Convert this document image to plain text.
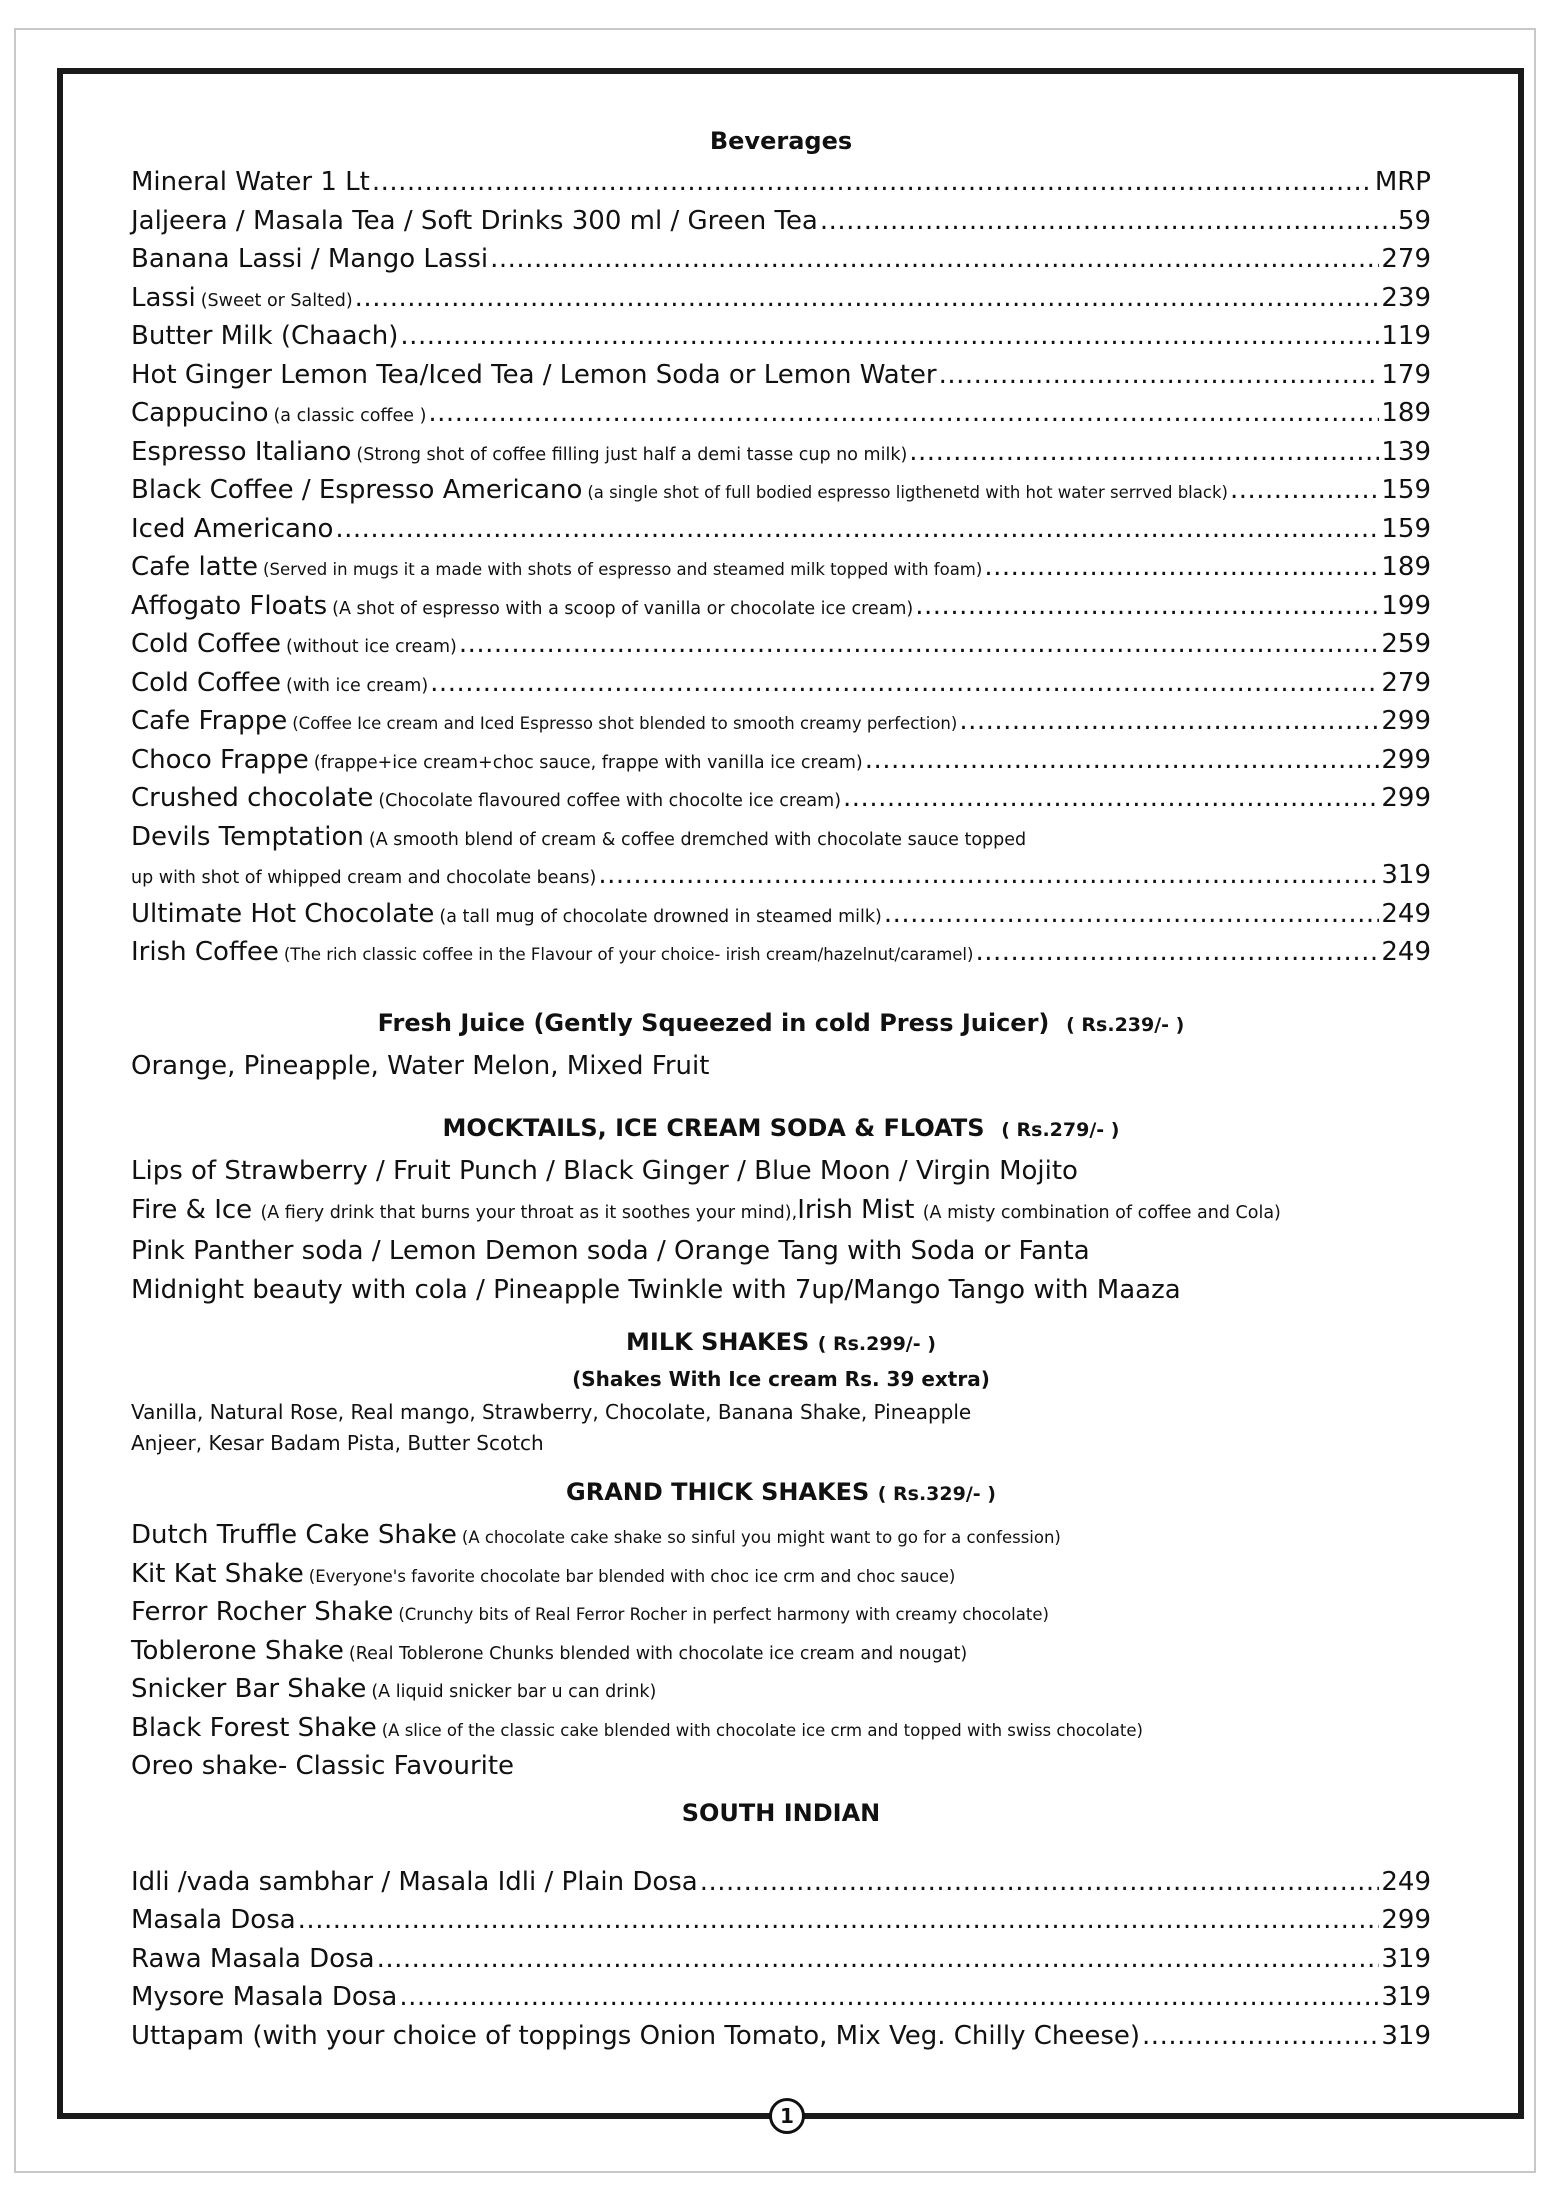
Beverages
Mineral Water 1 Lt .....	MRP
Jaljeera / Masala Tea / Soft Drinks 300 ml / Green Tea .....	59
Banana Lassi / Mango Lassi .....	279
Lassi (Sweet or Salted) .....	239
Butter Milk (Chaach) .....	119
Hot Ginger Lemon Tea/Iced Tea / Lemon Soda or Lemon Water .....	179
Cappucino (a classic coffee ) .....	189
Espresso Italiano (Strong shot of coffee filling just half a demi tasse cup no milk) .....	139
Black Coffee / Espresso Americano (a single shot of full bodied espresso ligthenetd with hot water serrved black) .....	159
Iced Americano .....	159
Cafe latte (Served in mugs it a made with shots of espresso and steamed milk topped with foam) .....	189
Affogato Floats (A shot of espresso with a scoop of vanilla or chocolate ice cream) .....	199
Cold Coffee (without ice cream) .....	259
Cold Coffee (with ice cream) .....	279
Cafe Frappe (Coffee Ice cream and Iced Espresso shot blended to smooth creamy perfection) .....	299
Choco Frappe (frappe+ice cream+choc sauce, frappe with vanilla ice cream) .....	299
Crushed chocolate (Chocolate flavoured coffee with chocolte ice cream) .....	299
Devils Temptation (A smooth blend of cream & coffee dremched with chocolate sauce topped
up with shot of whipped cream and chocolate beans) .....	319
Ultimate Hot Chocolate (a tall mug of chocolate drowned in steamed milk) .....	249
Irish Coffee (The rich classic coffee in the Flavour of your choice- irish cream/hazelnut/caramel) .....	249
Fresh Juice (Gently Squeezed in cold Press Juicer) ( Rs.239/- )
Orange, Pineapple, Water Melon, Mixed Fruit
MOCKTAILS, ICE CREAM SODA & FLOATS ( Rs.279/- )
Lips of Strawberry / Fruit Punch / Black Ginger / Blue Moon / Virgin Mojito
Fire & Ice (A fiery drink that burns your throat as it soothes your mind),Irish Mist (A misty combination of coffee and Cola)
Pink Panther soda / Lemon Demon soda / Orange Tang with Soda or Fanta
Midnight beauty with cola / Pineapple Twinkle with 7up/Mango Tango with Maaza
MILK SHAKES ( Rs.299/- )
(Shakes With Ice cream Rs. 39 extra)
Vanilla, Natural Rose, Real mango, Strawberry, Chocolate, Banana Shake, Pineapple
Anjeer, Kesar Badam Pista, Butter Scotch
GRAND THICK SHAKES ( Rs.329/- )
Dutch Truffle Cake Shake (A chocolate cake shake so sinful you might want to go for a confession)
Kit Kat Shake (Everyone's favorite chocolate bar blended with choc ice crm and choc sauce)
Ferror Rocher Shake (Crunchy bits of Real Ferror Rocher in perfect harmony with creamy chocolate)
Toblerone Shake (Real Toblerone Chunks blended with chocolate ice cream and nougat)
Snicker Bar Shake (A liquid snicker bar u can drink)
Black Forest Shake (A slice of the classic cake blended with chocolate ice crm and topped with swiss chocolate)
Oreo shake- Classic Favourite
SOUTH INDIAN
Idli /vada sambhar / Masala Idli / Plain Dosa .....	249
Masala Dosa .....	299
Rawa Masala Dosa .....	319
Mysore Masala Dosa .....	319
Uttapam (with your choice of toppings Onion Tomato, Mix Veg. Chilly Cheese) .....	319
1
